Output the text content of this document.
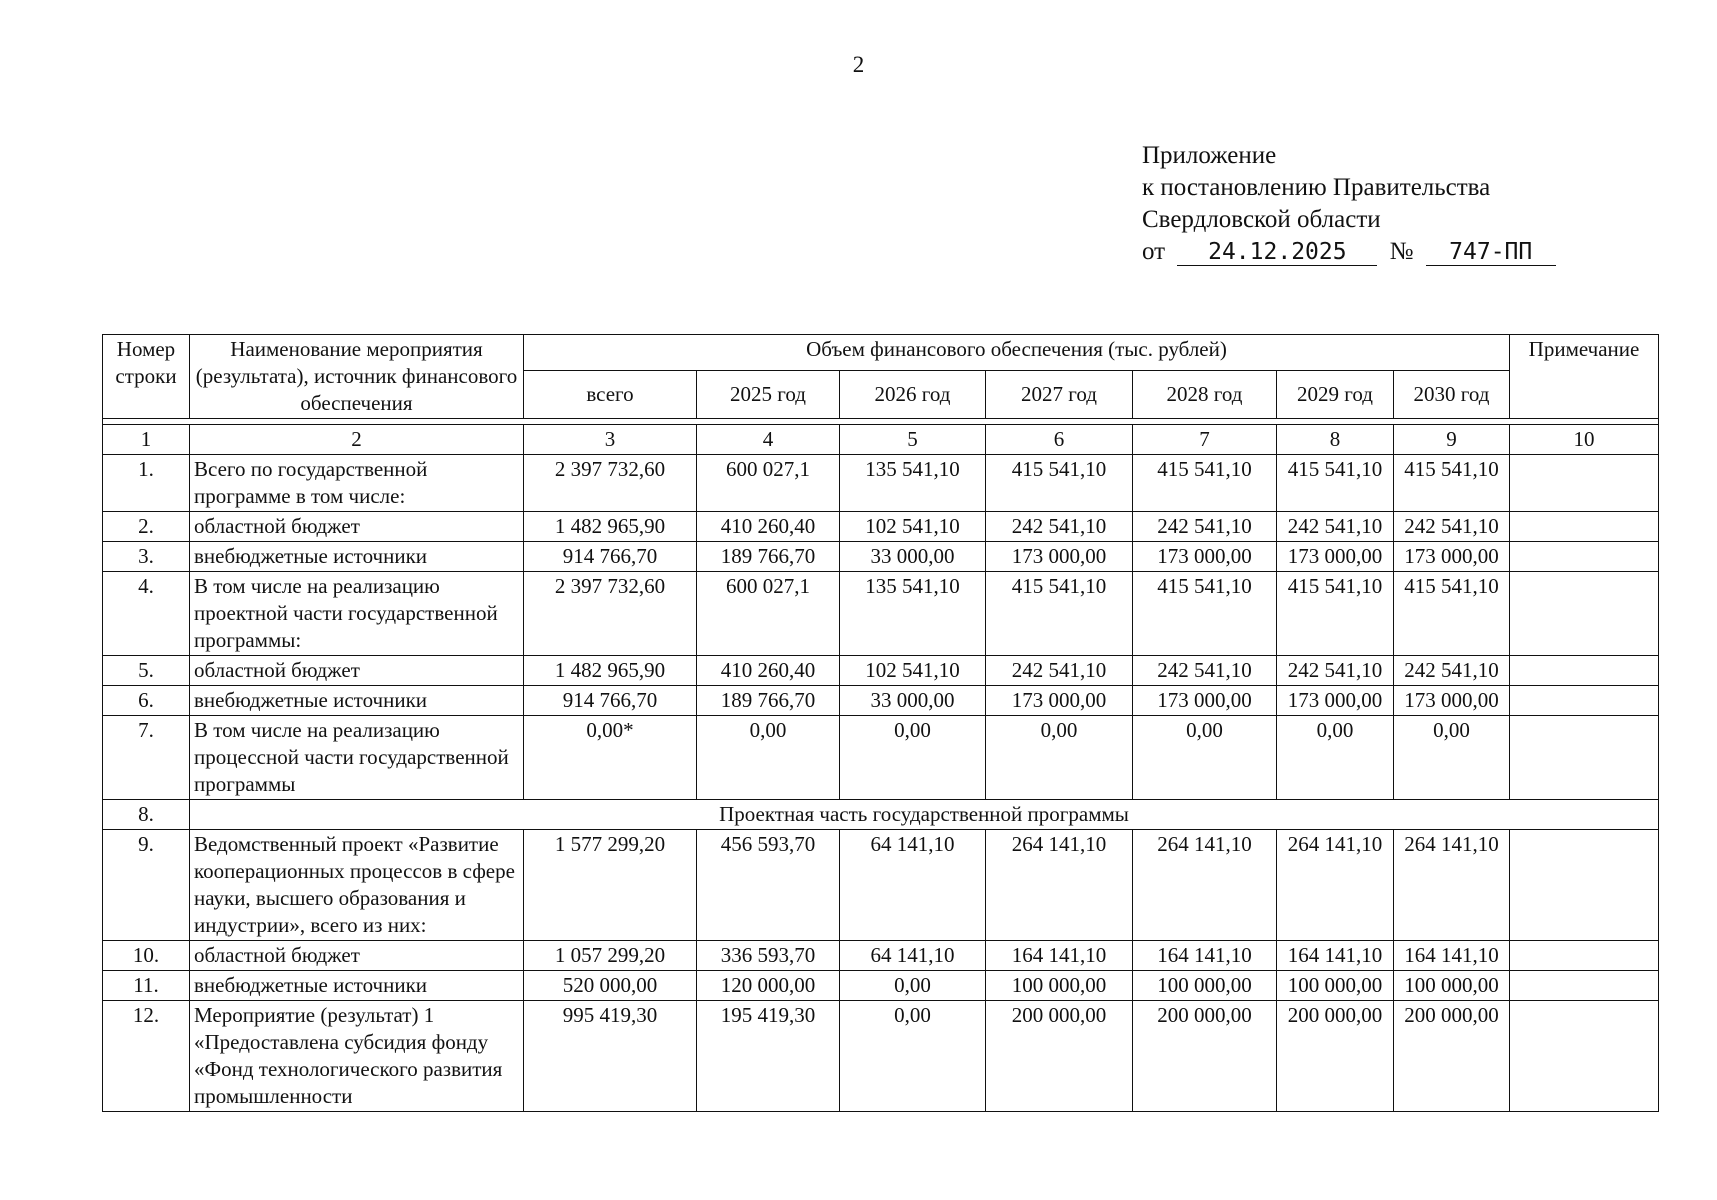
2
Приложение
к постановлению Правительства
Свердловской области
от 24.12.2025 № 747-ПП
Номер строки	Наименование мероприятия (результата), источник финансового обеспечения	Объем финансового обеспечения (тыс. рублей)							Примечание
		всего	2025 год	2026 год	2027 год	2028 год	2029 год	2030 год	

1	2	3	4	5	6	7	8	9	10
1.	Всего по государственной программе в том числе:	2 397 732,60	600 027,1	135 541,10	415 541,10	415 541,10	415 541,10	415 541,10	
2.	областной бюджет	1 482 965,90	410 260,40	102 541,10	242 541,10	242 541,10	242 541,10	242 541,10	
3.	внебюджетные источники	914 766,70	189 766,70	33 000,00	173 000,00	173 000,00	173 000,00	173 000,00	
4.	В том числе на реализацию проектной части государственной программы:	2 397 732,60	600 027,1	135 541,10	415 541,10	415 541,10	415 541,10	415 541,10	
5.	областной бюджет	1 482 965,90	410 260,40	102 541,10	242 541,10	242 541,10	242 541,10	242 541,10	
6.	внебюджетные источники	914 766,70	189 766,70	33 000,00	173 000,00	173 000,00	173 000,00	173 000,00	
7.	В том числе на реализацию процессной части государственной программы	0,00*	0,00	0,00	0,00	0,00	0,00	0,00	
8.	Проектная часть государственной программы								
9.	Ведомственный проект «Развитие кооперационных процессов в сфере науки, высшего образования и индустрии», всего из них:	1 577 299,20	456 593,70	64 141,10	264 141,10	264 141,10	264 141,10	264 141,10	
10.	областной бюджет	1 057 299,20	336 593,70	64 141,10	164 141,10	164 141,10	164 141,10	164 141,10	
11.	внебюджетные источники	520 000,00	120 000,00	0,00	100 000,00	100 000,00	100 000,00	100 000,00	
12.	Мероприятие (результат) 1 «Предоставлена субсидия фонду «Фонд технологического развития промышленности	995 419,30	195 419,30	0,00	200 000,00	200 000,00	200 000,00	200 000,00	
